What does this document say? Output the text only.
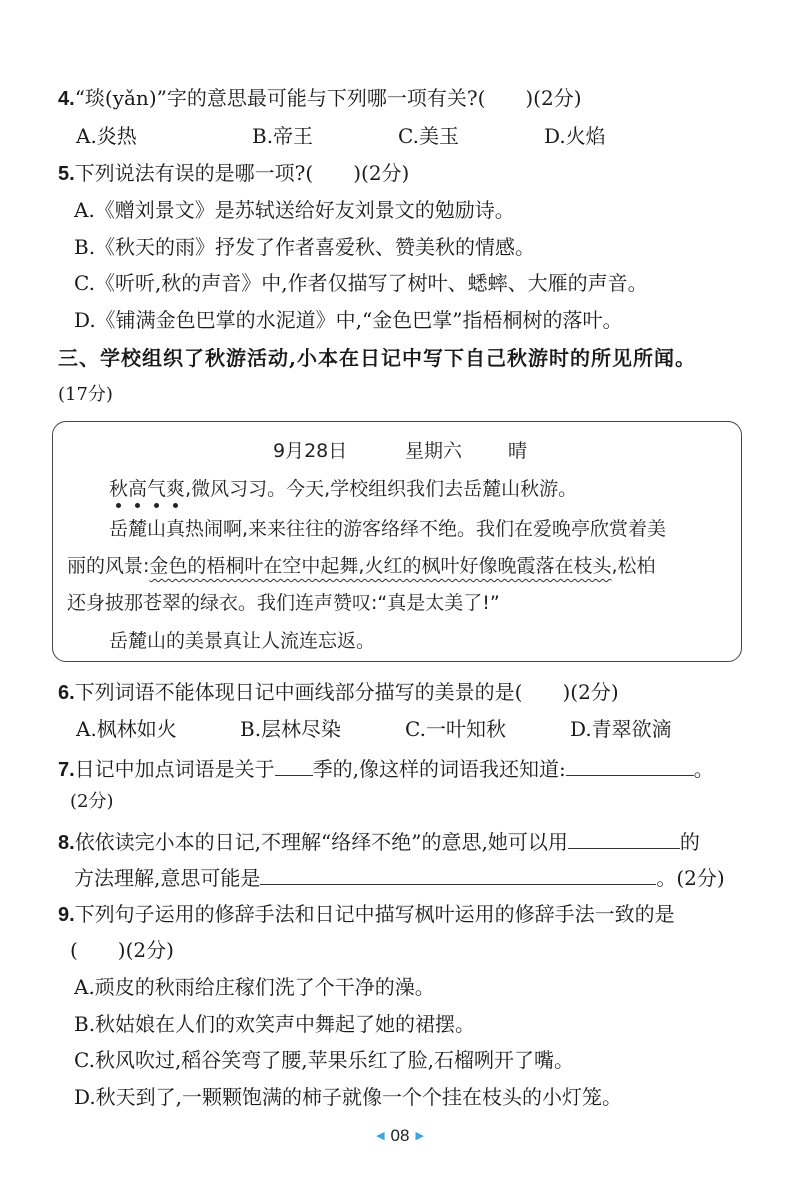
4.“琰(yǎn)”字的意思最可能与下列哪一项有关?(　　)(2分)
A.炎热	B.帝王	C.美玉	D.火焰
5.下列说法有误的是哪一项?(　　)(2分)
A.《赠刘景文》是苏轼送给好友刘景文的勉励诗。
B.《秋天的雨》抒发了作者喜爱秋、赞美秋的情感。
C.《听听,秋的声音》中,作者仅描写了树叶、蟋蟀、大雁的声音。
D.《铺满金色巴掌的水泥道》中,“金色巴掌”指梧桐树的落叶。
三、学校组织了秋游活动,小本在日记中写下自己秋游时的所见所闻。
(17分)
9月28日	星期六 晴
秋高气爽,微风习习。今天,学校组织我们去岳麓山秋游。
岳麓山真热闹啊,来来往往的游客络绎不绝。我们在爱晚亭欣赏着美
丽的风景:金色的梧桐叶在空中起舞,火红的枫叶好像晚霞落在枝头,松柏
还身披那苍翠的绿衣。我们连声赞叹:“真是太美了!”
岳麓山的美景真让人流连忘返。
6.下列词语不能体现日记中画线部分描写的美景的是(　　)(2分)
A.枫林如火	B.层林尽染	C.一叶知秋	D.青翠欲滴
7.日记中加点词语是关于 季的,像这样的词语我还知道:	。
(2分)
8.依依读完小本的日记,不理解“络绎不绝”的意思,她可以用	的
方法理解,意思可能是	。(2分)
9.下列句子运用的修辞手法和日记中描写枫叶运用的修辞手法一致的是
(　　)(2分)
A.顽皮的秋雨给庄稼们洗了个干净的澡。
B.秋姑娘在人们的欢笑声中舞起了她的裙摆。
C.秋风吹过,稻谷笑弯了腰,苹果乐红了脸,石榴咧开了嘴。
D.秋天到了,一颗颗饱满的柿子就像一个个挂在枝头的小灯笼。
◀ 08 ▶
